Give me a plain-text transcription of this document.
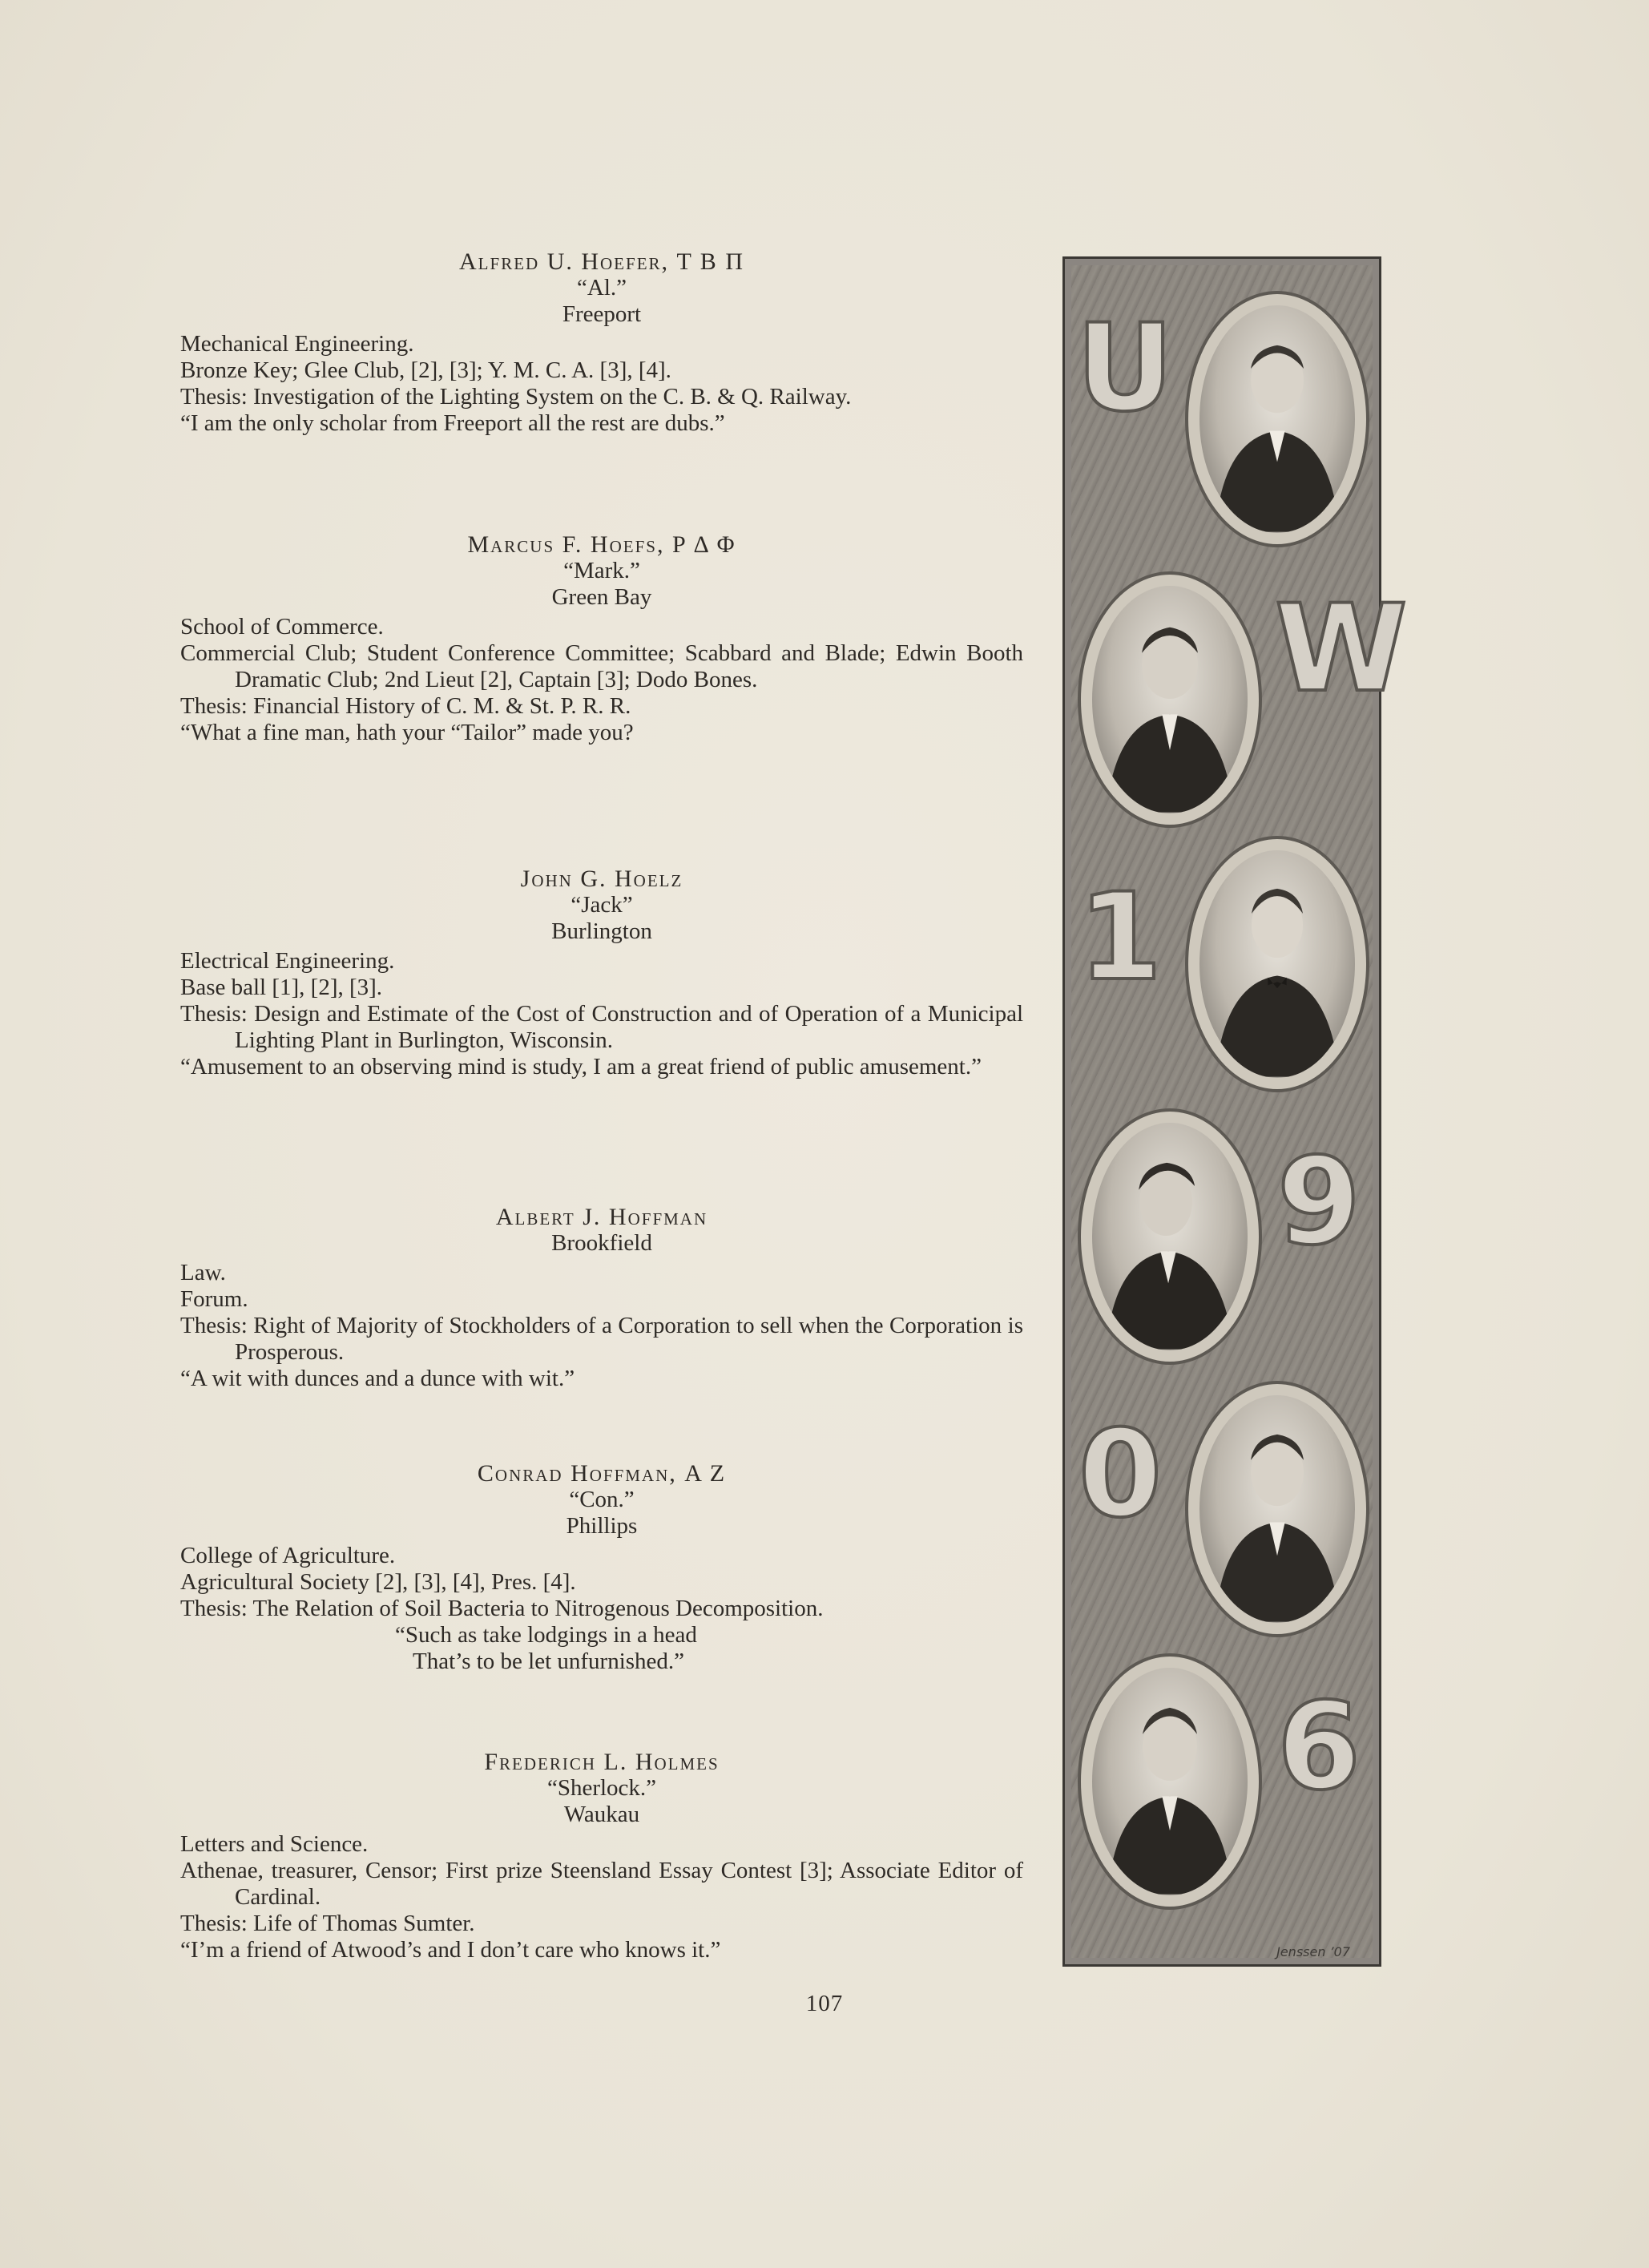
Alfred U. Hoefer, Τ Β Π
“Al.”
Freeport
Mechanical Engineering.
Bronze Key; Glee Club, [2], [3]; Y. M. C. A. [3], [4].
Thesis: Investigation of the Lighting System on the C. B. & Q. Railway.
“I am the only scholar from Freeport all the rest are dubs.”
Marcus F. Hoefs, Ρ Δ Φ
“Mark.”
Green Bay
School of Commerce.
Commercial Club; Student Conference Committee; Scabbard and Blade; Edwin Booth Dramatic Club; 2nd Lieut [2], Captain [3]; Dodo Bones.
Thesis: Financial History of C. M. & St. P. R. R.
“What a fine man, hath your “Tailor” made you?
John G. Hoelz
“Jack”
Burlington
Electrical Engineering.
Base ball [1], [2], [3].
Thesis: Design and Estimate of the Cost of Construction and of Operation of a Municipal Lighting Plant in Burlington, Wisconsin.
“Amusement to an observing mind is study, I am a great friend of public amusement.”
Albert J. Hoffman
Brookfield
Law.
Forum.
Thesis: Right of Majority of Stockholders of a Corporation to sell when the Corporation is Prosperous.
“A wit with dunces and a dunce with wit.”
Conrad Hoffman, Α Ζ
“Con.”
Phillips
College of Agriculture.
Agricultural Society [2], [3], [4], Pres. [4].
Thesis: The Relation of Soil Bacteria to Nitrogenous Decomposition.
“Such as take lodgings in a head
That’s to be let unfurnished.”
Frederich L. Holmes
“Sherlock.”
Waukau
Letters and Science.
Athenae, treasurer, Censor; First prize Steensland Essay Contest [3]; Associate Editor of Cardinal.
Thesis: Life of Thomas Sumter.
“I’m a friend of Atwood’s and I don’t care who knows it.”
107
U
W
1
9
0
6
Jenssen ’07
